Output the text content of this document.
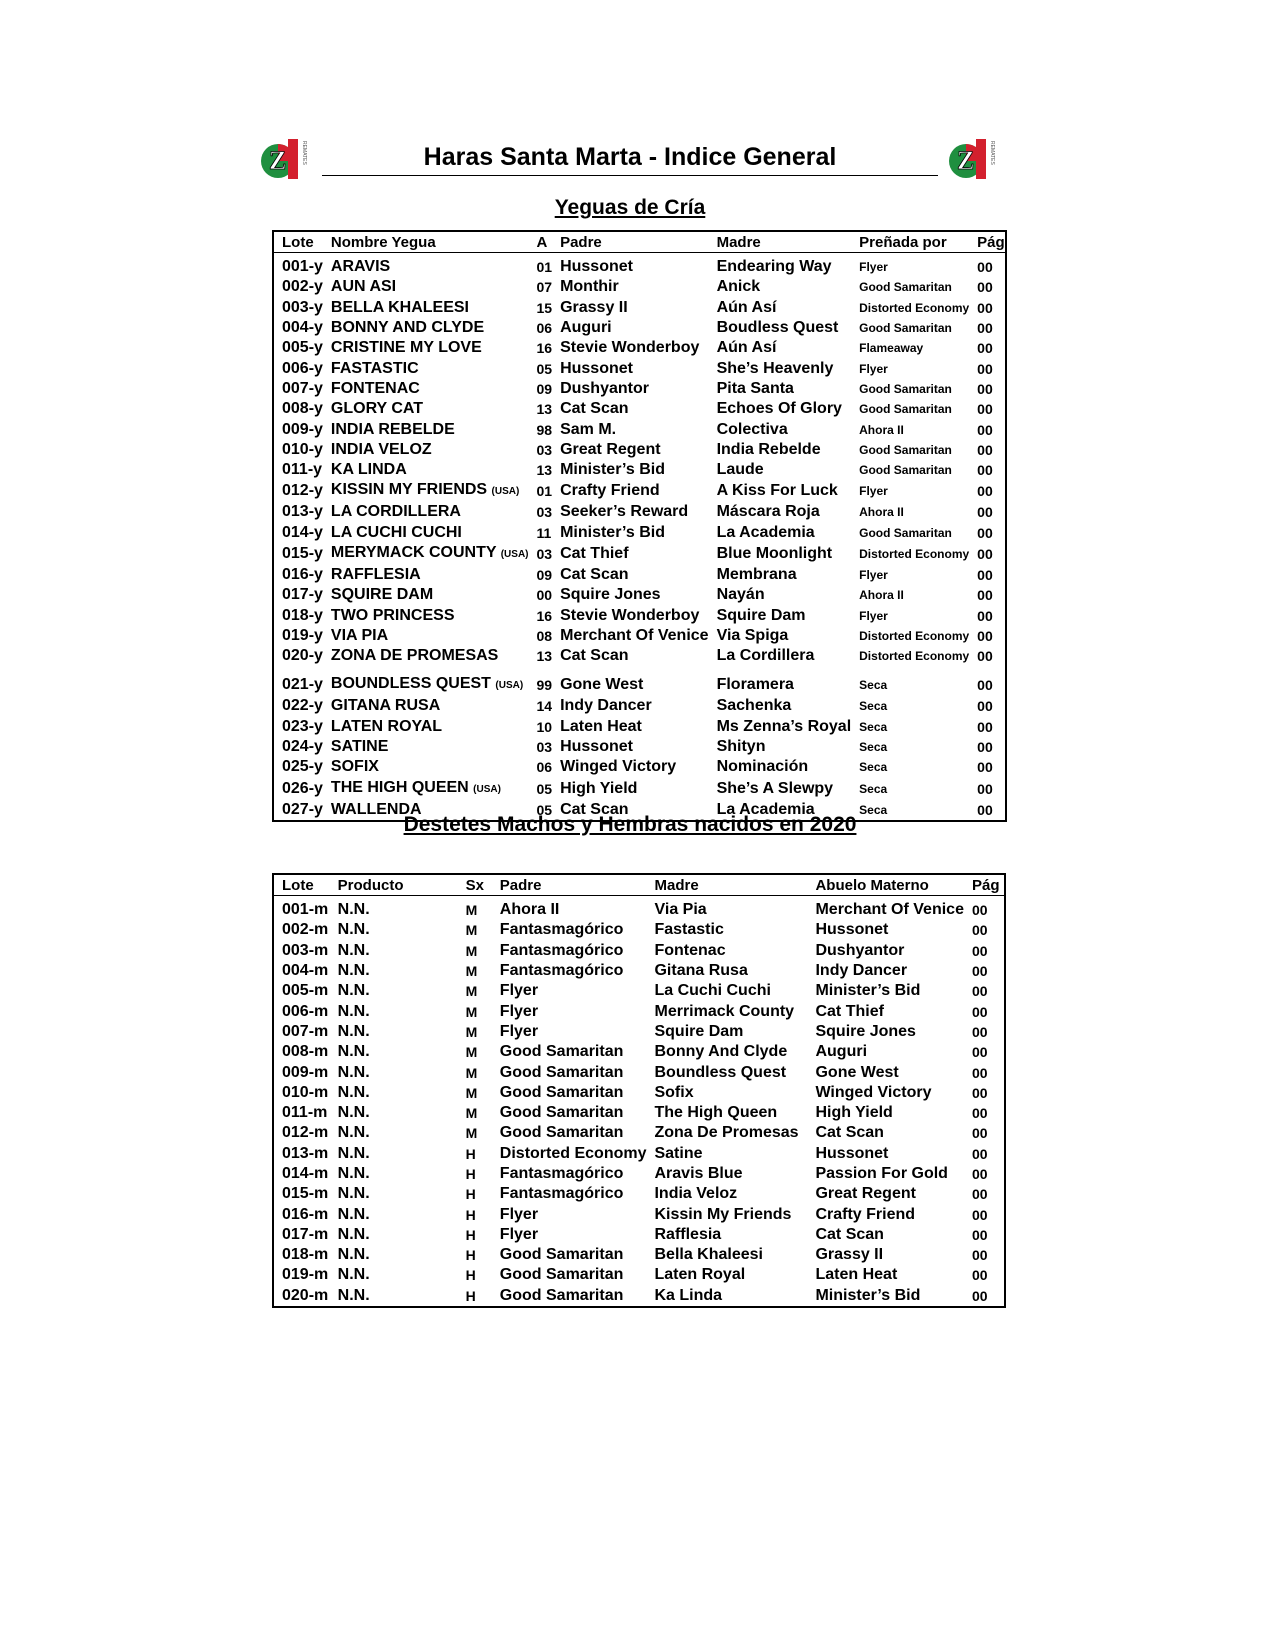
Z	REMATES	Haras Santa Marta - Indice General	Z	REMATES
Yeguas de Cría
Lote	Nombre Yegua	A	Padre	Madre	Preñada por	Pág
001-y	ARAVIS	01	Hussonet	Endearing Way	Flyer	00
002-y	AUN ASI	07	Monthir	Anick	Good Samaritan	00
003-y	BELLA KHALEESI	15	Grassy II	Aún Así	Distorted Economy	00
004-y	BONNY AND CLYDE	06	Auguri	Boudless Quest	Good Samaritan	00
005-y	CRISTINE MY LOVE	16	Stevie Wonderboy	Aún Así	Flameaway	00
006-y	FASTASTIC	05	Hussonet	She’s Heavenly	Flyer	00
007-y	FONTENAC	09	Dushyantor	Pita Santa	Good Samaritan	00
008-y	GLORY CAT	13	Cat Scan	Echoes Of Glory	Good Samaritan	00
009-y	INDIA REBELDE	98	Sam M.	Colectiva	Ahora II	00
010-y	INDIA VELOZ	03	Great Regent	India Rebelde	Good Samaritan	00
011-y	KA LINDA	13	Minister’s Bid	Laude	Good Samaritan	00
012-y	KISSIN MY FRIENDS (USA)	01	Crafty Friend	A Kiss For Luck	Flyer	00
013-y	LA CORDILLERA	03	Seeker’s Reward	Máscara Roja	Ahora II	00
014-y	LA CUCHI CUCHI	11	Minister’s Bid	La Academia	Good Samaritan	00
015-y	MERYMACK COUNTY (USA)	03	Cat Thief	Blue Moonlight	Distorted Economy	00
016-y	RAFFLESIA	09	Cat Scan	Membrana	Flyer	00
017-y	SQUIRE DAM	00	Squire Jones	Nayán	Ahora II	00
018-y	TWO PRINCESS	16	Stevie Wonderboy	Squire Dam	Flyer	00
019-y	VIA PIA	08	Merchant Of Venice	Via Spiga	Distorted Economy	00
020-y	ZONA DE PROMESAS	13	Cat Scan	La Cordillera	Distorted Economy	00
021-y	BOUNDLESS QUEST (USA)	99	Gone West	Floramera	Seca	00
022-y	GITANA RUSA	14	Indy Dancer	Sachenka	Seca	00
023-y	LATEN ROYAL	10	Laten Heat	Ms Zenna’s Royal	Seca	00
024-y	SATINE	03	Hussonet	Shityn	Seca	00
025-y	SOFIX	06	Winged Victory	Nominación	Seca	00
026-y	THE HIGH QUEEN (USA)	05	High Yield	She’s A Slewpy	Seca	00
027-y	WALLENDA	05	Cat Scan	La Academia	Seca	00
Destetes Machos y Hembras nacidos en 2020
Lote	Producto	Sx	Padre	Madre	Abuelo Materno	Pág
001-m	N.N.	M	Ahora II	Via Pia	Merchant Of Venice	00
002-m	N.N.	M	Fantasmagórico	Fastastic	Hussonet	00
003-m	N.N.	M	Fantasmagórico	Fontenac	Dushyantor	00
004-m	N.N.	M	Fantasmagórico	Gitana Rusa	Indy Dancer	00
005-m	N.N.	M	Flyer	La Cuchi Cuchi	Minister’s Bid	00
006-m	N.N.	M	Flyer	Merrimack County	Cat Thief	00
007-m	N.N.	M	Flyer	Squire Dam	Squire Jones	00
008-m	N.N.	M	Good Samaritan	Bonny And Clyde	Auguri	00
009-m	N.N.	M	Good Samaritan	Boundless Quest	Gone West	00
010-m	N.N.	M	Good Samaritan	Sofix	Winged Victory	00
011-m	N.N.	M	Good Samaritan	The High Queen	High Yield	00
012-m	N.N.	M	Good Samaritan	Zona De Promesas	Cat Scan	00
013-m	N.N.	H	Distorted Economy	Satine	Hussonet	00
014-m	N.N.	H	Fantasmagórico	Aravis Blue	Passion For Gold	00
015-m	N.N.	H	Fantasmagórico	India Veloz	Great Regent	00
016-m	N.N.	H	Flyer	Kissin My Friends	Crafty Friend	00
017-m	N.N.	H	Flyer	Rafflesia	Cat Scan	00
018-m	N.N.	H	Good Samaritan	Bella Khaleesi	Grassy II	00
019-m	N.N.	H	Good Samaritan	Laten Royal	Laten Heat	00
020-m	N.N.	H	Good Samaritan	Ka Linda	Minister’s Bid	00
